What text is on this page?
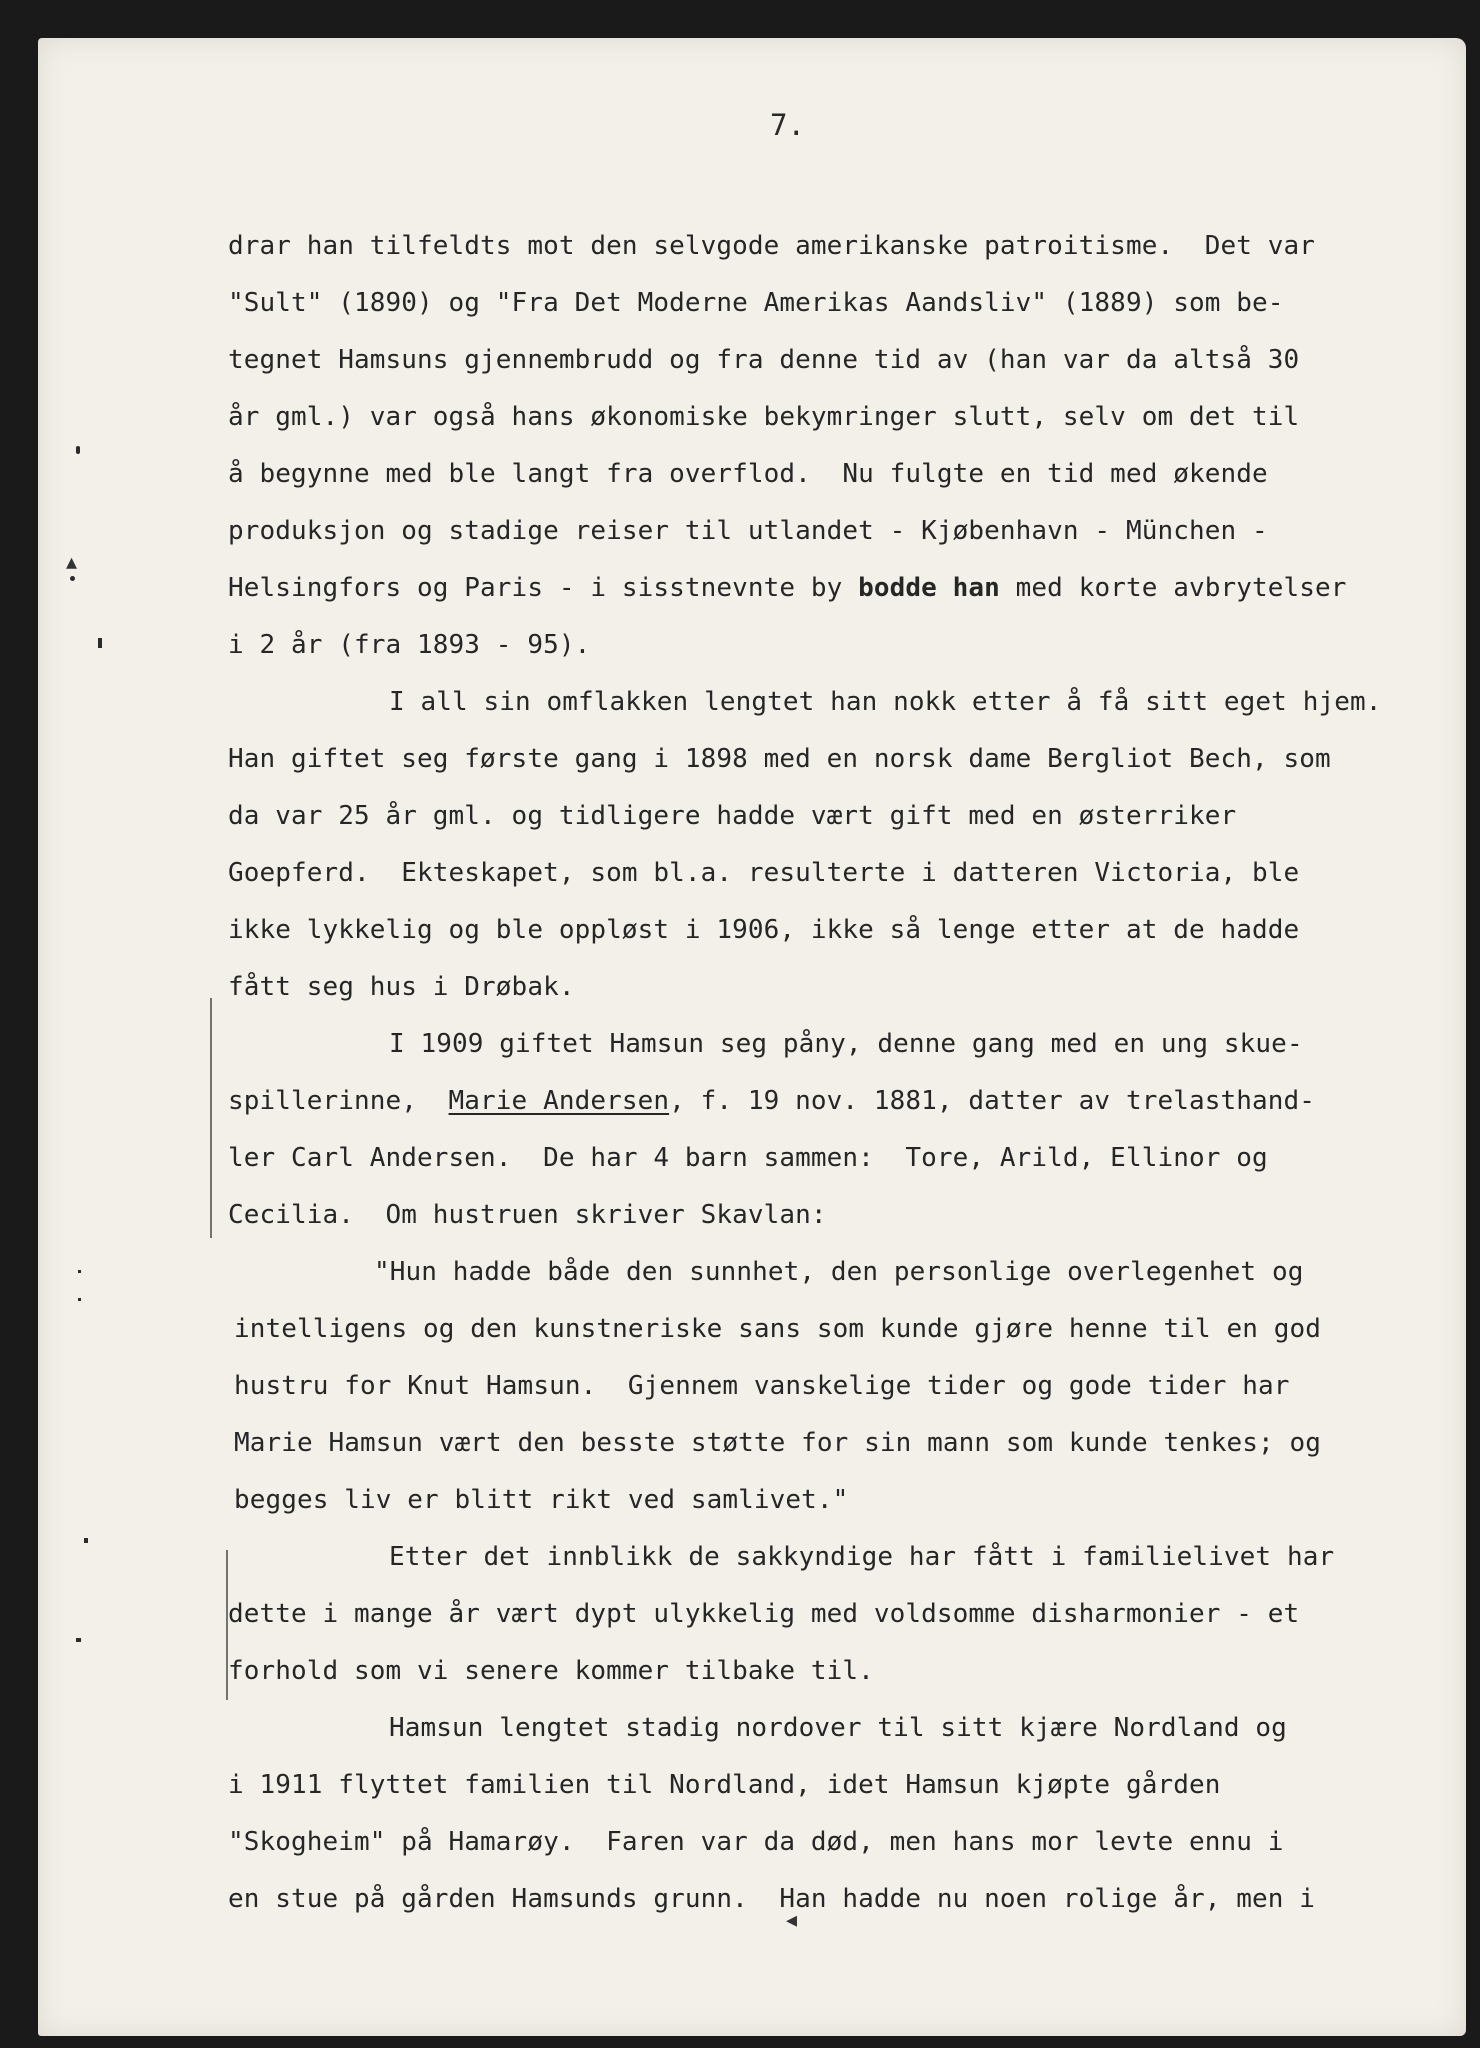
7.
▴
◂
drar han tilfeldts mot den selvgode amerikanske patroitisme.  Det var
"Sult" (1890) og "Fra Det Moderne Amerikas Aandsliv" (1889) som be-
tegnet Hamsuns gjennembrudd og fra denne tid av (han var da altså 30
år gml.) var også hans økonomiske bekymringer slutt, selv om det til
å begynne med ble langt fra overflod.  Nu fulgte en tid med økende
produksjon og stadige reiser til utlandet - Kjøbenhavn - München -
Helsingfors og Paris - i sisstnevnte by bodde han med korte avbrytelser
i 2 år (fra 1893 - 95).
I all sin omflakken lengtet han nokk etter å få sitt eget hjem.
Han giftet seg første gang i 1898 med en norsk dame Bergliot Bech, som
da var 25 år gml. og tidligere hadde vært gift med en østerriker
Goepferd.  Ekteskapet, som bl.a. resulterte i datteren Victoria, ble
ikke lykkelig og ble oppløst i 1906, ikke så lenge etter at de hadde
fått seg hus i Drøbak.
I 1909 giftet Hamsun seg påny, denne gang med en ung skue-
spillerinne,  Marie Andersen, f. 19 nov. 1881, datter av trelasthand-
ler Carl Andersen.  De har 4 barn sammen:  Tore, Arild, Ellinor og
Cecilia.  Om hustruen skriver Skavlan:
"Hun hadde både den sunnhet, den personlige overlegenhet og
intelligens og den kunstneriske sans som kunde gjøre henne til en god
hustru for Knut Hamsun.  Gjennem vanskelige tider og gode tider har
Marie Hamsun vært den besste støtte for sin mann som kunde tenkes; og
begges liv er blitt rikt ved samlivet."
Etter det innblikk de sakkyndige har fått i familielivet har
dette i mange år vært dypt ulykkelig med voldsomme disharmonier - et
forhold som vi senere kommer tilbake til.
Hamsun lengtet stadig nordover til sitt kjære Nordland og
i 1911 flyttet familien til Nordland, idet Hamsun kjøpte gården
"Skogheim" på Hamarøy.  Faren var da død, men hans mor levte ennu i
en stue på gården Hamsunds grunn.  Han hadde nu noen rolige år, men i
